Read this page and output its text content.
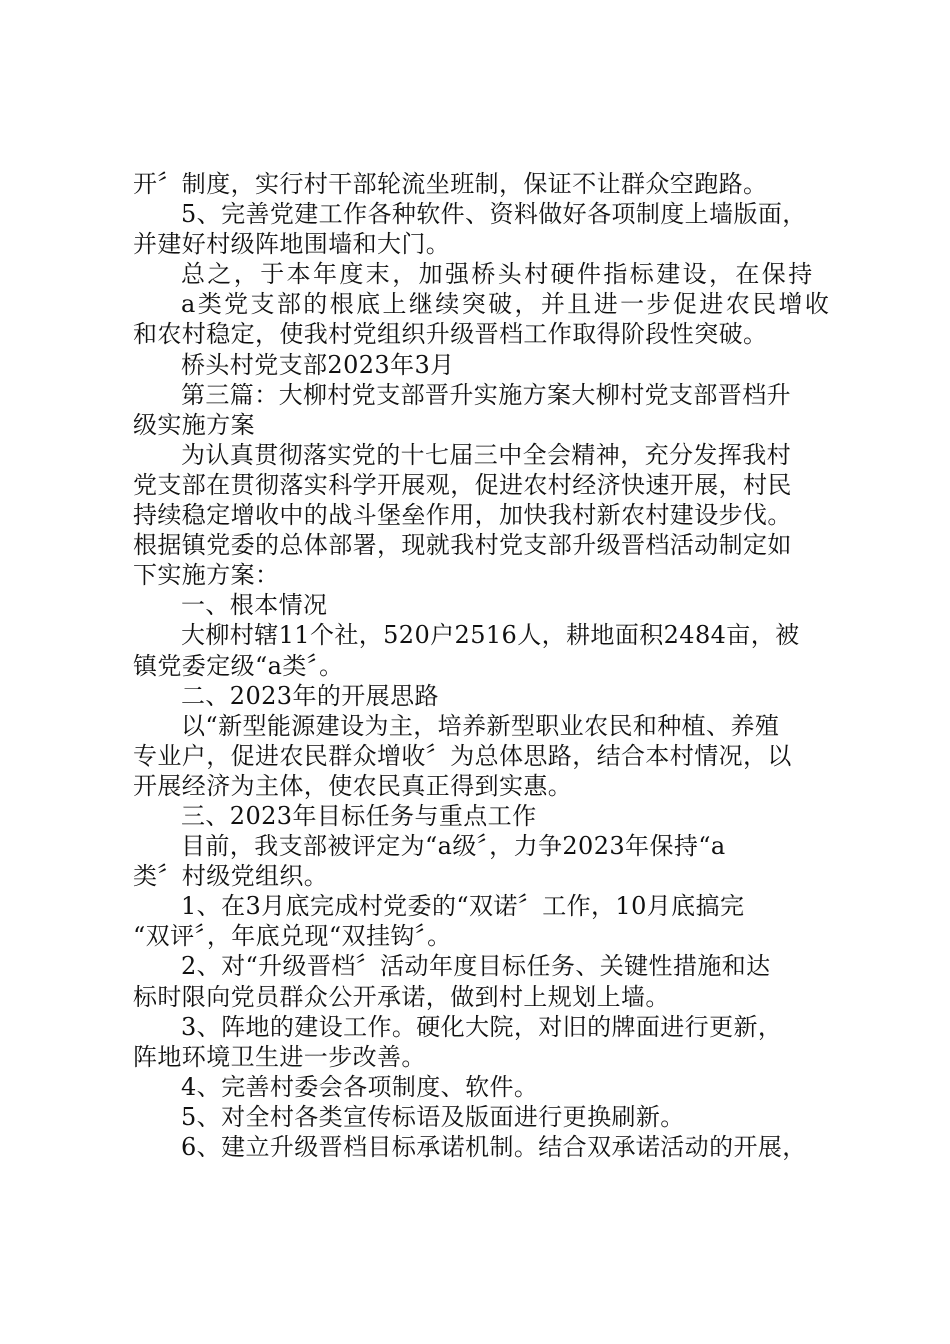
开〞制度，实行村干部轮流坐班制，保证不让群众空跑路。
5、完善党建工作各种软件、资料做好各项制度上墙版面，
并建好村级阵地围墙和大门。
总之，于本年度末，加强桥头村硬件指标建设，在保持
a类党支部的根底上继续突破，并且进一步促进农民增收
和农村稳定，使我村党组织升级晋档工作取得阶段性突破。
桥头村党支部2023年3月
第三篇：大柳村党支部晋升实施方案大柳村党支部晋档升
级实施方案
为认真贯彻落实党的十七届三中全会精神，充分发挥我村
党支部在贯彻落实科学开展观，促进农村经济快速开展，村民
持续稳定增收中的战斗堡垒作用，加快我村新农村建设步伐。
根据镇党委的总体部署，现就我村党支部升级晋档活动制定如
下实施方案：
一、根本情况
大柳村辖11个社，520户2516人，耕地面积2484亩，被
镇党委定级“a类〞。
二、2023年的开展思路
以“新型能源建设为主，培养新型职业农民和种植、养殖
专业户，促进农民群众增收〞为总体思路，结合本村情况，以
开展经济为主体，使农民真正得到实惠。
三、2023年目标任务与重点工作
目前，我支部被评定为“a级〞，力争2023年保持“a
类〞村级党组织。
1、在3月底完成村党委的“双诺〞工作，10月底搞完
“双评〞，年底兑现“双挂钩〞。
2、对“升级晋档〞活动年度目标任务、关键性措施和达
标时限向党员群众公开承诺，做到村上规划上墙。
3、阵地的建设工作。硬化大院，对旧的牌面进行更新，
阵地环境卫生进一步改善。
4、完善村委会各项制度、软件。
5、对全村各类宣传标语及版面进行更换刷新。
6、建立升级晋档目标承诺机制。结合双承诺活动的开展，
